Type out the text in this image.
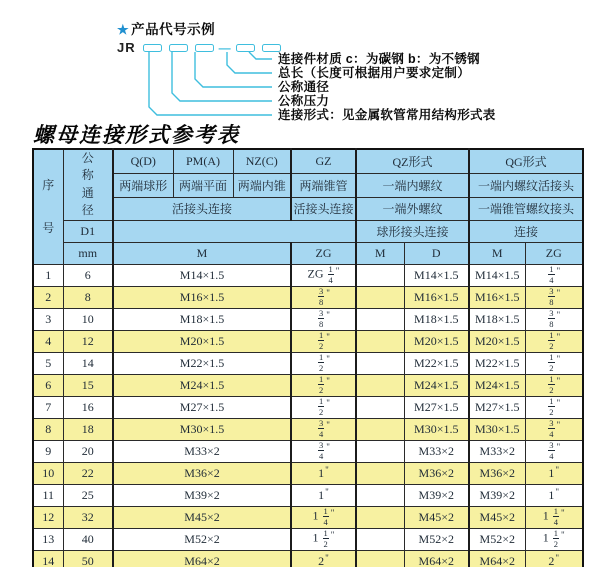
★ 产品代号示例
JR	—
连接件材质 c：为碳钢 b：为不锈钢
总长（长度可根据用户要求定制）
公称通径
公称压力
连接形式：见金属软管常用结构形式表
螺母连接形式参考表
序号	公称通径	Q(D)	PM(A)	NZ(C)	GZ	QZ形式		QG形式	
		两端球形	两端平面	两端内锥	两端锥管	一端内螺纹		一端内螺纹活接头	
		活接头连接			活接头连接	一端外螺纹		一端锥管螺纹接头	
	D1					球形接头连接		连接	
	mm	M			ZG	M	D	M	ZG
1	6	M14×1.5			ZG $\frac{1}{4} ^"$		M14×1.5	M14×1.5	$\frac{1}{4} ^"$
2	8	M16×1.5			$\frac{3}{8} ^"$		M16×1.5	M16×1.5	$\frac{3}{8} ^"$
3	10	M18×1.5			$\frac{3}{8} ^"$		M18×1.5	M18×1.5	$\frac{3}{8} ^"$
4	12	M20×1.5			$\frac{1}{2} ^"$		M20×1.5	M20×1.5	$\frac{1}{2} ^"$
5	14	M22×1.5			$\frac{1}{2} ^"$		M22×1.5	M22×1.5	$\frac{1}{2} ^"$
6	15	M24×1.5			$\frac{1}{2} ^"$		M24×1.5	M24×1.5	$\frac{1}{2} ^"$
7	16	M27×1.5			$\frac{1}{2} ^"$		M27×1.5	M27×1.5	$\frac{1}{2} ^"$
8	18	M30×1.5			$\frac{3}{4} ^"$		M30×1.5	M30×1.5	$\frac{3}{4} ^"$
9	20	M33×2			$\frac{3}{4} ^"$		M33×2	M33×2	$\frac{3}{4} ^"$
10	22	M36×2			1"		M36×2	M36×2	1"
11	25	M39×2			1"		M39×2	M39×2	1"
12	32	M45×2			$1 \frac{1}{4} ^"$		M45×2	M45×2	$1 \frac{1}{4} ^"$
13	40	M52×2			$1 \frac{1}{2} ^"$		M52×2	M52×2	$1 \frac{1}{2} ^"$
14	50	M64×2			2"		M64×2	M64×2	2"
